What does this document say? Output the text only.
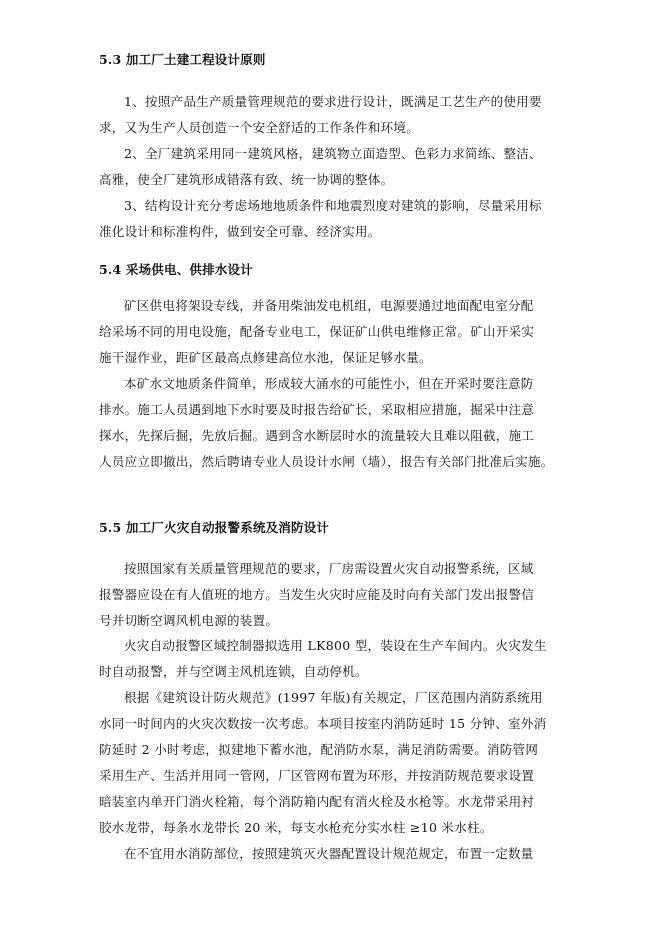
5.3 加工厂土建工程设计原则
1、按照产品生产质量管理规范的要求进行设计，既满足工艺生产的使用要
求，又为生产人员创造一个安全舒适的工作条件和环境。
2、全厂建筑采用同一建筑风格，建筑物立面造型、色彩力求简练、整洁、
高雅，使全厂建筑形成错落有致、统一协调的整体。
3、结构设计充分考虑场地地质条件和地震烈度对建筑的影响，尽量采用标
准化设计和标准构件，做到安全可靠、经济实用。
5.4 采场供电、供排水设计
矿区供电将架设专线，并备用柴油发电机组，电源要通过地面配电室分配
给采场不同的用电设施，配备专业电工，保证矿山供电维修正常。矿山开采实
施干湿作业，距矿区最高点修建高位水池，保证足够水量。
本矿水文地质条件简单，形成较大涌水的可能性小，但在开采时要注意防
排水。施工人员遇到地下水时要及时报告给矿长，采取相应措施，掘采中注意
探水，先探后掘，先放后掘。遇到含水断层时水的流量较大且难以阻截，施工
人员应立即撤出，然后聘请专业人员设计水闸（墙），报告有关部门批准后实施。
5.5 加工厂火灾自动报警系统及消防设计
按照国家有关质量管理规范的要求，厂房需设置火灾自动报警系统，区域
报警器应设在有人值班的地方。当发生火灾时应能及时向有关部门发出报警信
号并切断空调风机电源的装置。
火灾自动报警区域控制器拟选用 LK800 型，装设在生产车间内。火灾发生
时自动报警，并与空调主风机连锁，自动停机。
根据《建筑设计防火规范》(1997 年版)有关规定，厂区范围内消防系统用
水同一时间内的火灾次数按一次考虑。本项目按室内消防延时 15 分钟、室外消
防延时 2 小时考虑，拟建地下蓄水池，配消防水泵，满足消防需要。消防管网
采用生产、生活并用同一管网，厂区管网布置为环形，并按消防规范要求设置
暗装室内单开门消火栓箱，每个消防箱内配有消火栓及水枪等。水龙带采用衬
胶水龙带，每条水龙带长 20 米，每支水枪充分实水柱 ≥10 米水柱。
在不宜用水消防部位，按照建筑灭火器配置设计规范规定，布置一定数量
